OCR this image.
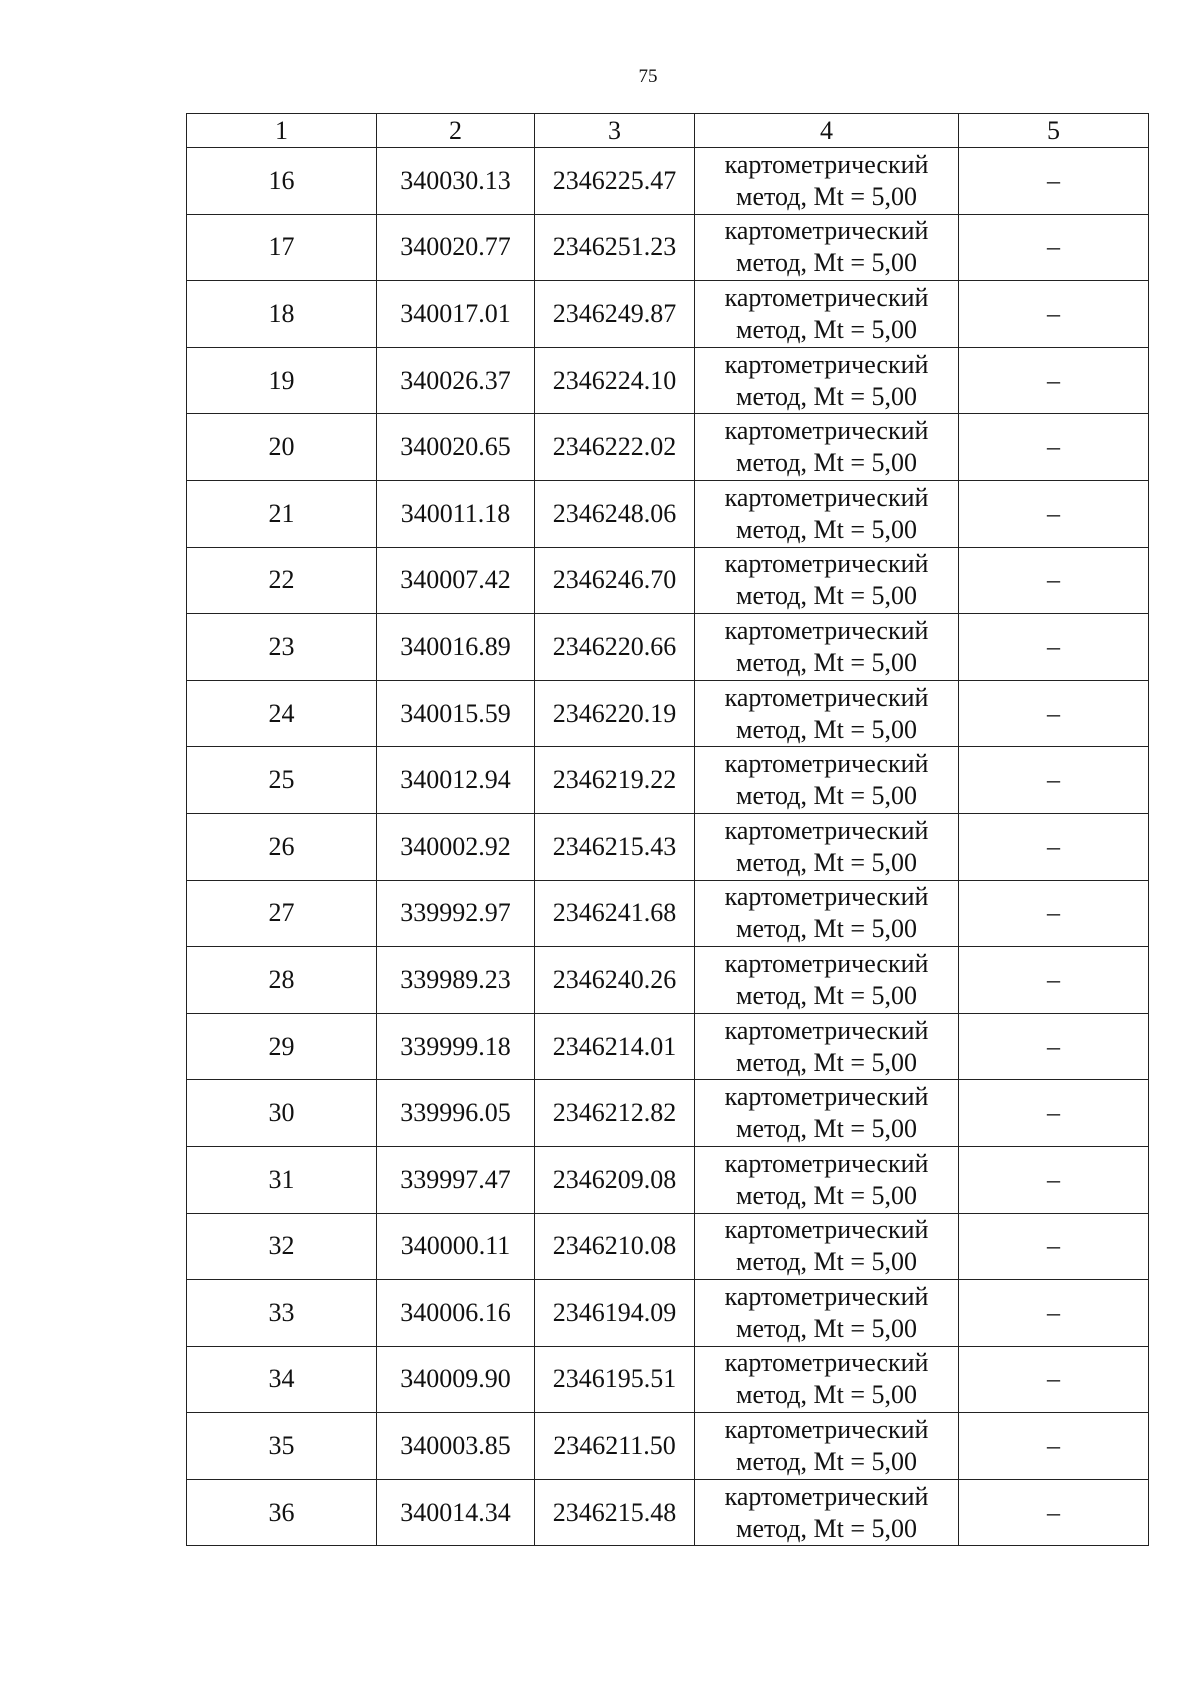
75
1	2	3	4	5
16	340030.13	2346225.47	картометрический
метод, Mt = 5,00	–
17	340020.77	2346251.23	картометрический
метод, Mt = 5,00	–
18	340017.01	2346249.87	картометрический
метод, Mt = 5,00	–
19	340026.37	2346224.10	картометрический
метод, Mt = 5,00	–
20	340020.65	2346222.02	картометрический
метод, Mt = 5,00	–
21	340011.18	2346248.06	картометрический
метод, Mt = 5,00	–
22	340007.42	2346246.70	картометрический
метод, Mt = 5,00	–
23	340016.89	2346220.66	картометрический
метод, Mt = 5,00	–
24	340015.59	2346220.19	картометрический
метод, Mt = 5,00	–
25	340012.94	2346219.22	картометрический
метод, Mt = 5,00	–
26	340002.92	2346215.43	картометрический
метод, Mt = 5,00	–
27	339992.97	2346241.68	картометрический
метод, Mt = 5,00	–
28	339989.23	2346240.26	картометрический
метод, Mt = 5,00	–
29	339999.18	2346214.01	картометрический
метод, Mt = 5,00	–
30	339996.05	2346212.82	картометрический
метод, Mt = 5,00	–
31	339997.47	2346209.08	картометрический
метод, Mt = 5,00	–
32	340000.11	2346210.08	картометрический
метод, Mt = 5,00	–
33	340006.16	2346194.09	картометрический
метод, Mt = 5,00	–
34	340009.90	2346195.51	картометрический
метод, Mt = 5,00	–
35	340003.85	2346211.50	картометрический
метод, Mt = 5,00	–
36	340014.34	2346215.48	картометрический
метод, Mt = 5,00	–
